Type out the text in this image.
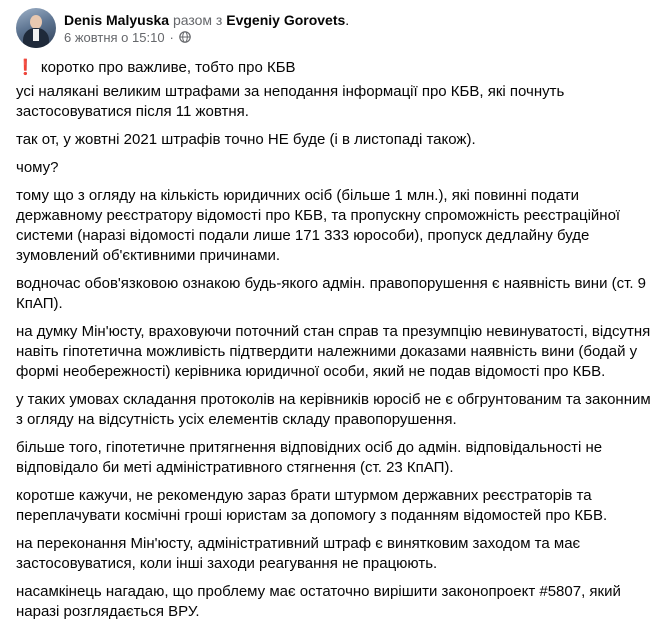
Denis Malyuska разом з Evgeniy Gorovets.
6 жовтня о 15:10 ·

❗ коротко про важливе, тобто про КБВ

усі налякані великим штрафами за неподання інформації про КБВ, які почнуть застосовуватися після 11 жовтня.

так от, у жовтні 2021 штрафів точно НЕ буде (і в листопаді також).

чому?

тому що з огляду на кількість юридичних осіб (більше 1 млн.), які повинні подати державному реєстратору відомості про КБВ, та пропускну спроможність реєстраційної системи (наразі відомості подали лише 171 333 юрособи), пропуск дедлайну буде зумовлений об'єктивними причинами.

водночас обов'язковою ознакою будь-якого адмін. правопорушення є наявність вини (ст. 9 КпАП).

на думку Мін'юсту, враховуючи поточний стан справ та презумпцію невинуватості, відсутня навіть гіпотетична можливість підтвердити належними доказами наявність вини (бодай у формі необережності) керівника юридичної особи, який не подав відомості про КБВ.

у таких умовах складання протоколів на керівників юросіб не є обгрунтованим та законним з огляду на відсутність усіх елементів складу правопорушення.

більше того, гіпотетичне притягнення відповідних осіб до адмін. відповідальності не відповідало би меті адміністративного стягнення (ст. 23 КпАП).

коротше кажучи, не рекомендую зараз брати штурмом державних реєстраторів та переплачувати космічні гроші юристам за допомогу з поданням відомостей про КБВ.

на переконання Мін'юсту, адміністративний штраф є винятковим заходом та має застосовуватися, коли інші заходи реагування не працюють.

насамкінець нагадаю, що проблему має остаточно вирішити законопроект #5807, який наразі розглядається ВРУ.
